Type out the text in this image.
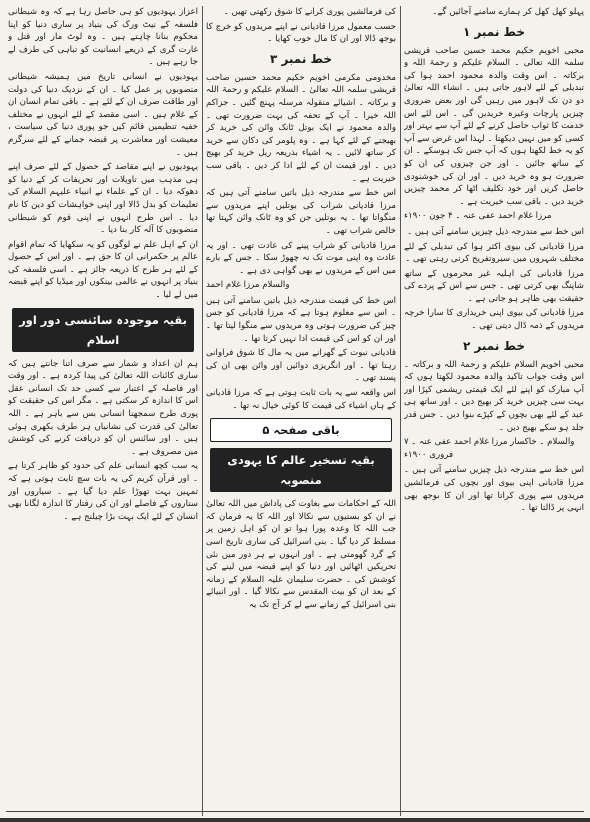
پہلو کھل کھل کر ہمارے سامنے آجائیں گے۔

خط نمبر ۱

محبی اخویم حکیم محمد حسین صاحب قریشی سلمہ اللہ تعالی ۔ السلام علیکم و رحمۃ اللہ و برکاتہ ۔ اس وقت والدہ محمود احمد ہوا کی تبدیلی کے لئے لاہور جاتی ہیں ۔ انشاء اللہ تعالیٰ دو دن تک لاہور میں رہیں گی اور بعض ضروری چیزیں پارچات وغیرہ خریدیں گی ۔ اس لئے اس خدمت کا ثواب حاصل کرنے کے لئے آپ سے بہتر اور کسی کو میں نہیں دیکھتا ۔ لہذا اس غرض سے آپ کو یہ خط لکھتا ہوں کہ آپ جس تک ہوسکے ۔ ان کے ساتھ جائیں ۔ اور جن چیزوں کی ان کو ضرورت ہو وہ خرید دیں ۔ اور ان کی خوشنودی حاصل کریں اور خود تکلیف اٹھا کر محمد چیزیں خرید دیں ۔ باقی سب خیریت ہے ۔

مرزا غلام احمد عفی عنہ ۔ ۴ جون ۱۹۰۰ء

اس خط سے مندرجہ ذیل چیزیں سامنے آتی ہیں ۔

مرزا قادیانی کی بیوی اکثر ہوا کی تبدیلی کے لئے مختلف شہروں میں سیروتفریح کرتی رہتی تھی ۔

مرزا قادیانی کی اہلیہ غیر محرموں کے ساتھ شاپنگ بھی کرتی تھی ۔ جس سے اس کے پردے کی حقیقت بھی ظاہر ہو جاتی ہے ۔

مرزا قادیانی کی بیوی اپنی خریداری کا سارا خرچہ مریدوں کے ذمہ ڈال دیتی تھی ۔

خط نمبر ۲

محبی اخویم السلام علیکم و رحمۃ اللہ و برکاتہ ۔ اس وقت جواب تاکید والدہ محمود لکھتا ہوں کہ آپ مبارک کو اپنے لئے ایک قیمتی ریشمی کپڑا اور بہت سی چیزیں خرید کر بھیج دیں ۔ اور ساتھ ہی عید کے لئے بھی بچوں کے کپڑے بنوا دیں ۔ جس قدر جلد ہو سکے بھیج دیں ۔

والسلام ۔ خاکسار مرزا غلام احمد عفی عنہ ۔ ۷ فروری ۱۹۰۰ء

اس خط سے مندرجہ ذیل چیزیں سامنے آتی ہیں ۔ مرزا قادیانی اپنی بیوی اور بچوں کی فرمائشیں مریدوں سے پوری کراتا تھا اور ان کا بوجھ بھی انہی پر ڈالتا تھا ۔

کی فرمائشیں پوری کرانے کا شوق رکھتی تھیں ۔

حسب معمول مرزا قادیانی نے اپنے مریدوں کو خرچ کا بوجھ ڈالا اور ان کا مال خوب کھایا ۔

خط نمبر ۳

مخدومی مکرمی اخویم حکیم محمد حسین صاحب قریشی سلمہ اللہ تعالیٰ ۔ السلام علیکم و رحمۃ اللہ و برکاتہ ۔ اشیائے منقولہ مرسلہ پہنچ گئیں ۔ جزاکم اللہ خیرا ۔ آپ کے تحفہ کی بہت ضرورت تھی ۔ والدہ محمود نے ایک بوتل ٹانک وائن کی خرید کر بھیجنے کے لئے کہا ہے ۔ وہ پلومر کی دکان سے خرید کر ساتھ لائیں ۔ یہ اشیاء بذریعہ ریل خرید کر بھیج دیں ۔ اور قیمت ان کے لئے ادا کر دیں ۔ باقی سب خیریت ہے ۔

اس خط سے مندرجہ ذیل باتیں سامنے آتی ہیں کہ مرزا قادیانی شراب کی بوتلیں اپنے مریدوں سے منگواتا تھا ۔ یہ بوتلیں جن کو وہ ٹانک وائن کہتا تھا خالص شراب تھی ۔

مرزا قادیانی کو شراب پینے کی عادت تھی ۔ اور یہ عادت وہ اپنی موت تک نہ چھوڑ سکا ۔ جس کے بارے میں اس کے مریدوں نے بھی گواہی دی ہے ۔

والسلام مرزا غلام احمد

اس خط کی قیمت مندرجہ ذیل باتیں سامنے آتی ہیں ۔ اس سے معلوم ہوتا ہے کہ مرزا قادیانی کو جس چیز کی ضرورت ہوتی وہ مریدوں سے منگوا لیتا تھا ۔ اور ان کو اس کی قیمت ادا نہیں کرتا تھا ۔

قادیانی نبوت کے گھرانے میں یہ مال کا شوق فراوانی رہتا تھا ۔ اور انگریزی دوائیں اور وائن بھی ان کی پسند تھی ۔

اس واقعہ سے یہ بات ثابت ہوتی ہے کہ مرزا قادیانی کے ہاں اشیاء کی قیمت کا کوئی خیال نہ تھا ۔

باقی صفحہ ۵
بقیہ تسخیر عالم کا یہودی منصوبہ

اللہ کے احکامات سے بغاوت کی پاداش میں اللہ تعالیٰ نے ان کو بستیوں سے نکالا اور اللہ کا یہ فرمان کہ جب اللہ کا وعدہ پورا ہوا تو ان کو اہل زمین پر مسلط کر دیا گیا ۔ بنی اسرائیل کی ساری تاریخ اسی کے گرد گھومتی ہے ۔ اور انہوں نے ہر دور میں نئی تحریکیں اٹھائیں اور دنیا کو اپنے قبضہ میں لینے کی کوشش کی ۔ حضرت سلیمان علیہ السلام کے زمانہ کے بعد ان کو بیت المقدس سے نکالا گیا ۔ اور انبیائے بنی اسرائیل کے زمانے سے لے کر آج تک یہ

اعزاز یہودیوں کو ہی حاصل رہا ہے کہ وہ شیطانی فلسفہ کے نیٹ ورک کی بنیاد پر ساری دنیا کو اپنا محکوم بنانا چاہتے ہیں ۔ وہ لوٹ مار اور قتل و غارت گری کے ذریعے انسانیت کو تباہی کی طرف لے جا رہے ہیں ۔

یہودیوں نے انسانی تاریخ میں ہمیشہ شیطانی منصوبوں پر عمل کیا ۔ ان کے نزدیک دنیا کی دولت اور طاقت صرف ان کے لئے ہے ۔ باقی تمام انسان ان کے غلام ہیں ۔ اسی مقصد کے لئے انہوں نے مختلف خفیہ تنظیمیں قائم کیں جو پوری دنیا کی سیاست ، معیشت اور معاشرت پر قبضہ جمانے کے لئے سرگرم ہیں ۔

یہودیوں نے اپنے مقاصد کے حصول کے لئے صرف اپنے ہی مذہب میں تاویلات اور تحریفات کر کے دنیا کو دھوکہ دیا ۔ ان کے علماء نے انبیاء علیہم السلام کی تعلیمات کو بدل ڈالا اور اپنی خواہشات کو دین کا نام دیا ۔ اس طرح انہوں نے اپنی قوم کو شیطانی منصوبوں کا آلہ کار بنا دیا ۔

ان کے اہل علم نے لوگوں کو یہ سکھایا کہ تمام اقوام عالم پر حکمرانی ان کا حق ہے ۔ اور اس کے حصول کے لئے ہر طرح کا ذریعہ جائز ہے ۔ اسی فلسفہ کی بنیاد پر انہوں نے عالمی بینکوں اور میڈیا کو اپنے قبضہ میں لے لیا ۔

بقیہ موجودہ سائنسی دور اور اسلام

ہم ان اعداد و شمار سے صرف اتنا جانتے ہیں کہ ساری کائنات اللہ تعالیٰ کی پیدا کردہ ہے ۔ اور وقت اور فاصلہ کے اعتبار سے کسی حد تک انسانی عقل اس کا اندازہ کر سکتی ہے ۔ مگر اس کی حقیقت کو پوری طرح سمجھنا انسانی بس سے باہر ہے ۔ اللہ تعالیٰ کی قدرت کی نشانیاں ہر طرف بکھری ہوئی ہیں ۔ اور سائنس ان کو دریافت کرنے کی کوشش میں مصروف ہے ۔

یہ سب کچھ انسانی علم کی حدود کو ظاہر کرتا ہے ۔ اور قرآن کریم کی یہ بات سچ ثابت ہوتی ہے کہ تمہیں بہت تھوڑا علم دیا گیا ہے ۔ سیاروں اور ستاروں کے فاصلے اور ان کی رفتار کا اندازہ لگانا بھی انسان کے لئے ایک بہت بڑا چیلنج ہے ۔
